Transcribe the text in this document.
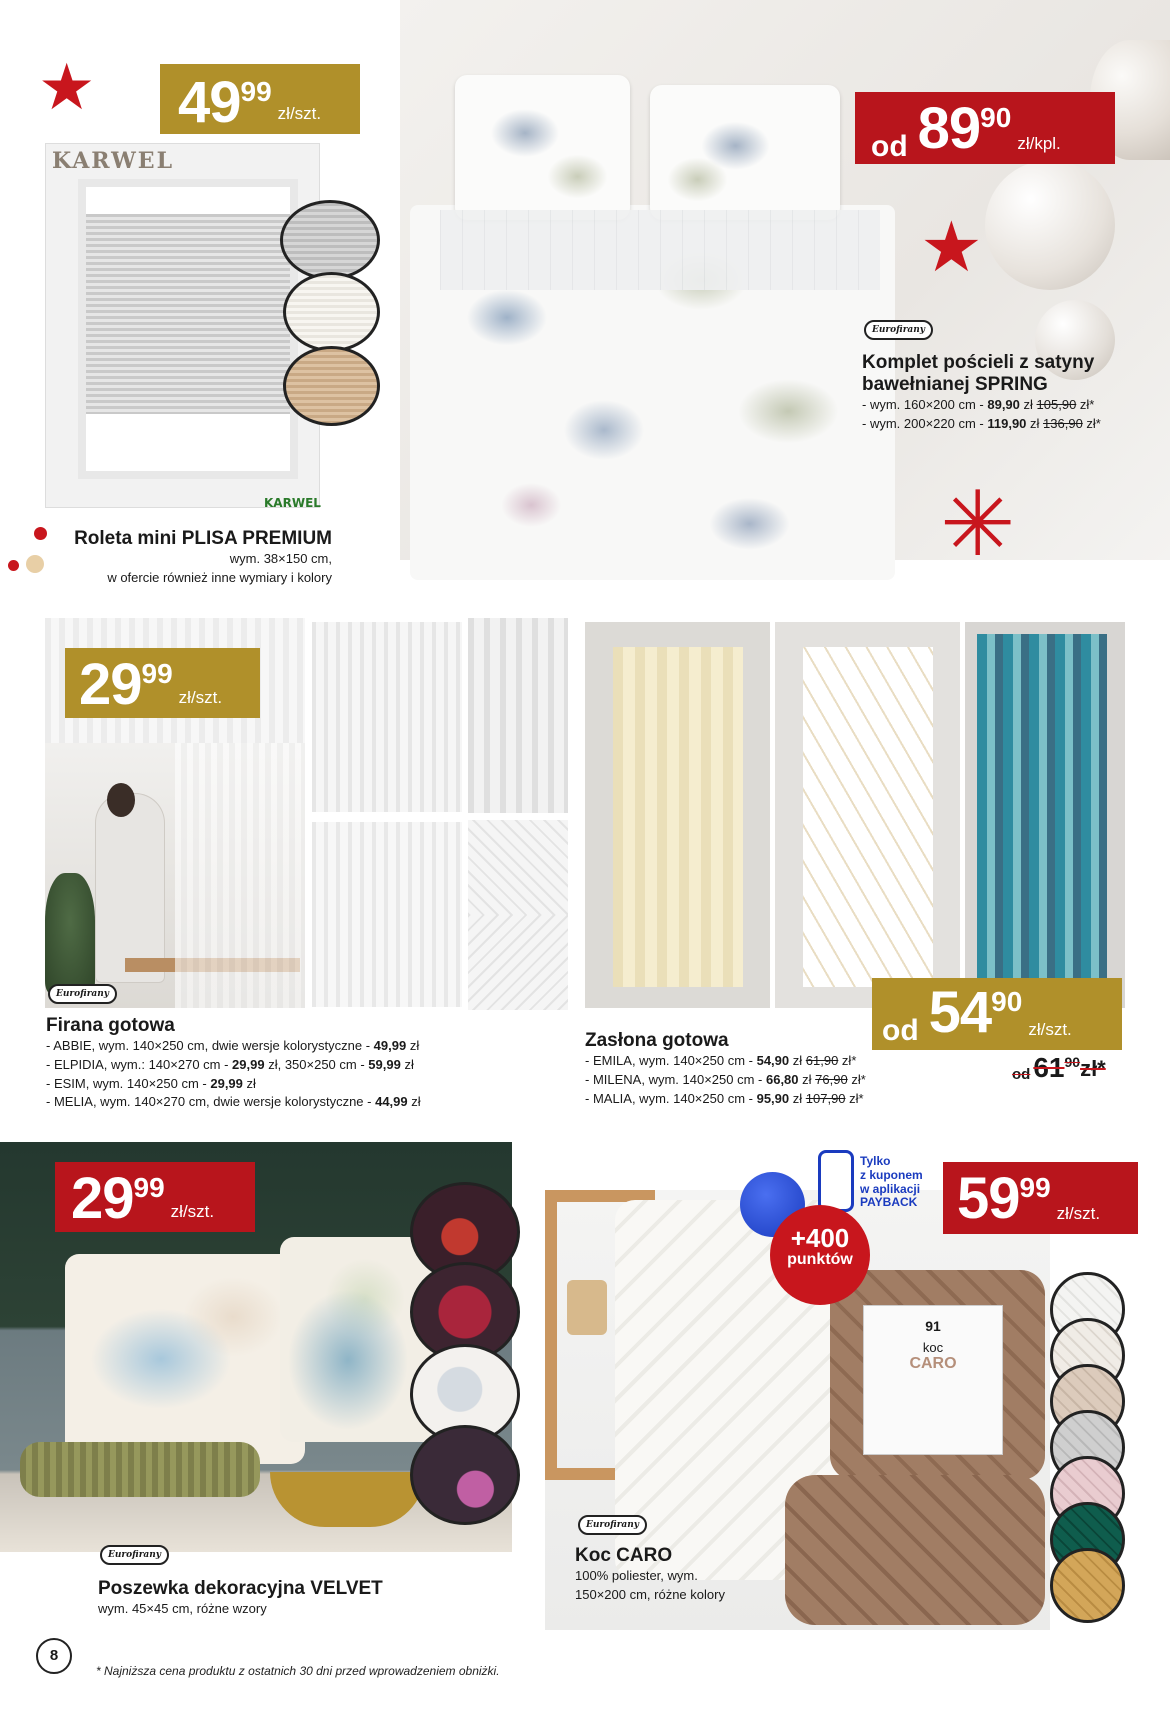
★
★
✳
KARWEL
KARWEL
49 99
zł/szt.
Roleta mini PLISA PREMIUM
wym. 38×150 cm,
w ofercie również inne wymiary i kolory
od 89 90
zł/kpl.
Eurofirany
Komplet pościeli z satyny
bawełnianej SPRING
- wym. 160×200 cm - 89,90 zł 105,90 zł*
- wym. 200×220 cm - 119,90 zł 136,90 zł*
29 99
zł/szt.
Eurofirany
Firana gotowa
- ABBIE, wym. 140×250 cm, dwie wersje kolorystyczne - 49,99 zł
- ELPIDIA, wym.: 140×270 cm - 29,99 zł, 350×250 cm - 59,99 zł
- ESIM, wym. 140×250 cm - 29,99 zł
- MELIA, wym. 140×270 cm, dwie wersje kolorystyczne - 44,99 zł
od 54 90
zł/szt.
od 61 90 zł*
Zasłona gotowa
- EMILA, wym. 140×250 cm - 54,90 zł 61,90 zł*
- MILENA, wym. 140×250 cm - 66,80 zł 76,90 zł*
- MALIA, wym. 140×250 cm - 95,90 zł 107,90 zł*
29 99
zł/szt.
Eurofirany
Poszewka dekoracyjna VELVET
wym. 45×45 cm, różne wzory
91
koc
CARO
Tylko
z kuponem
w aplikacji
PAYBACK
+400
punktów
59 99
zł/szt.
Eurofirany
Koc CARO
100% poliester, wym.
150×200 cm, różne kolory
8
* Najniższa cena produktu z ostatnich 30 dni przed wprowadzeniem obniżki.
